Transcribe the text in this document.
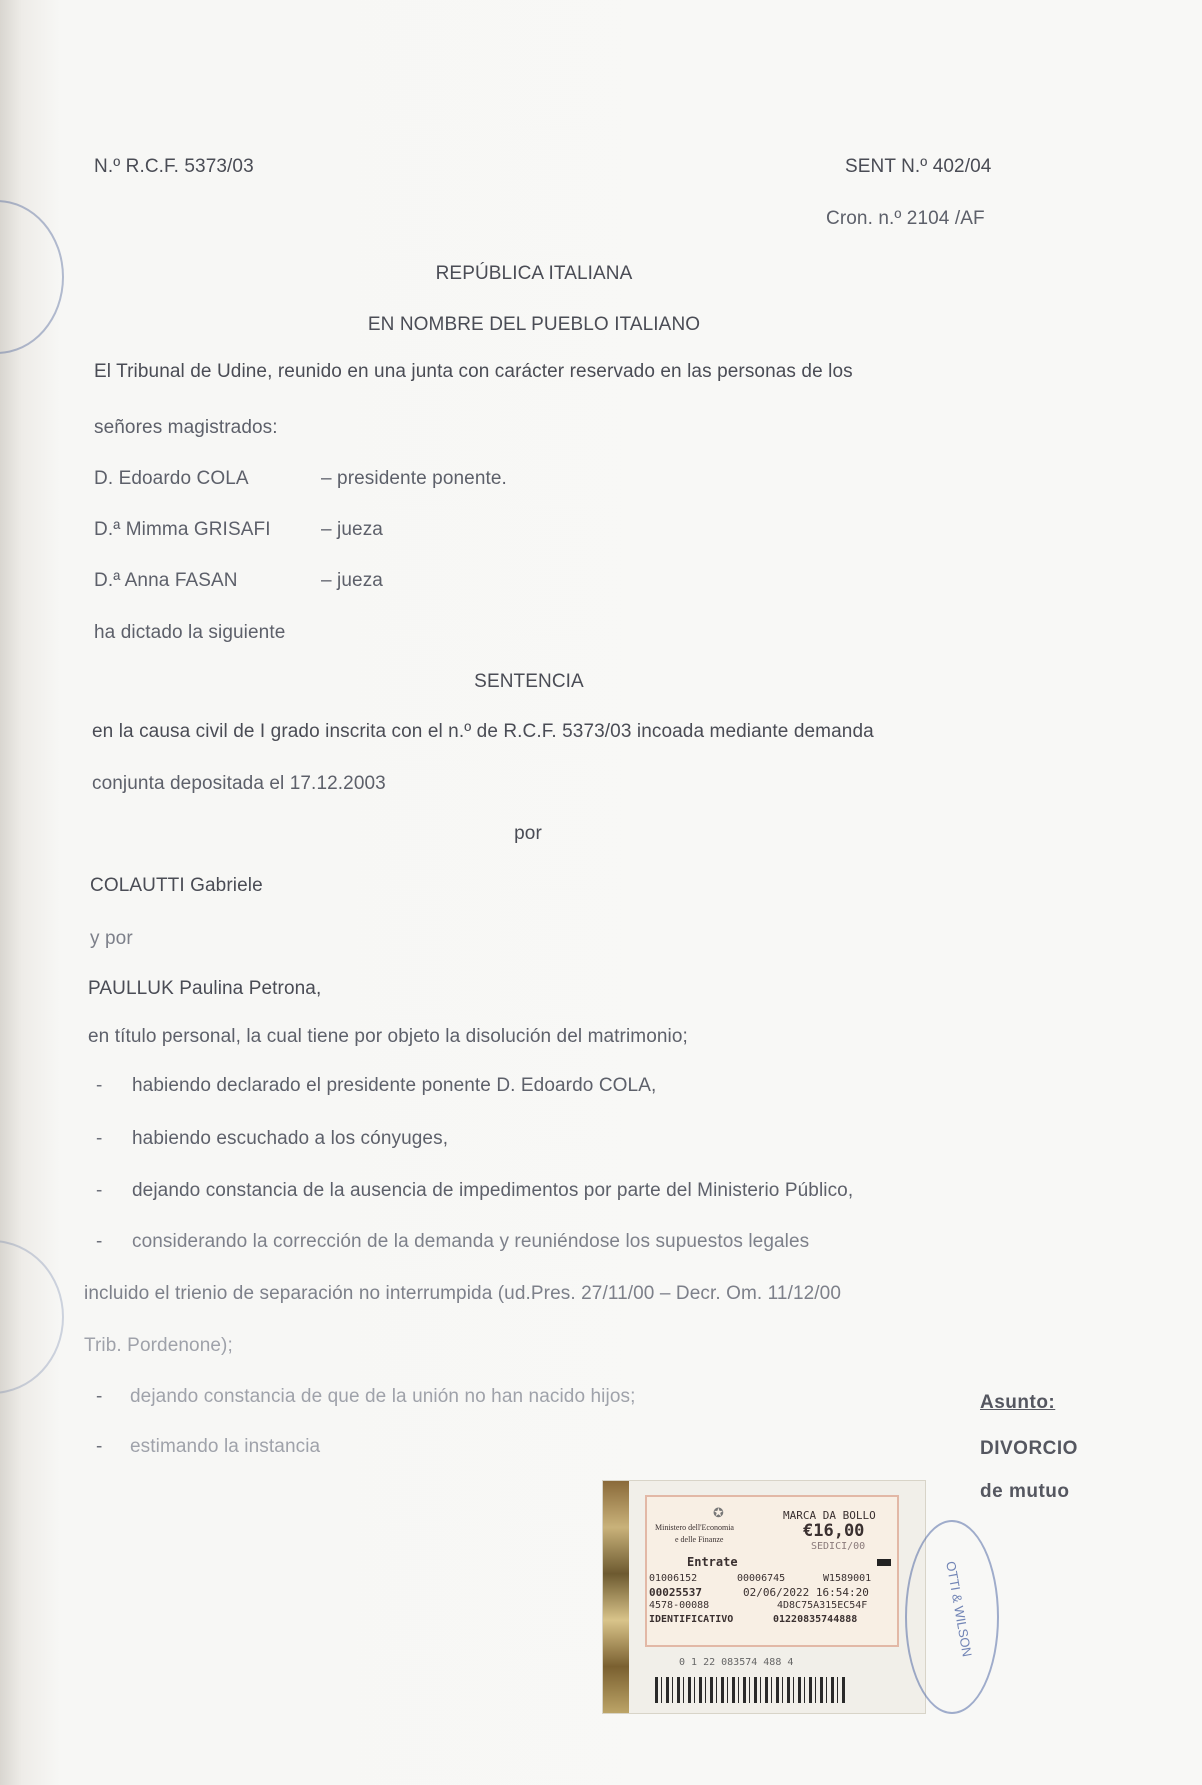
N.º R.C.F. 5373/03	SENT N.º 402/04
Cron. n.º 2104 /AF
REPÚBLICA ITALIANA
EN NOMBRE DEL PUEBLO ITALIANO
El Tribunal de Udine, reunido en una junta con carácter reservado en las personas de los
señores magistrados:
D. Edoardo COLA	– presidente ponente.
D.ª Mimma GRISAFI	– jueza
D.ª Anna FASAN	– jueza
ha dictado la siguiente
SENTENCIA
en la causa civil de I grado inscrita con el n.º de R.C.F. 5373/03 incoada mediante demanda
conjunta depositada el 17.12.2003
por
COLAUTTI Gabriele
y por
PAULLUK Paulina Petrona,
en título personal, la cual tiene por objeto la disolución del matrimonio;
- habiendo declarado el presidente ponente D. Edoardo COLA,
- habiendo escuchado a los cónyuges,
- dejando constancia de la ausencia de impedimentos por parte del Ministerio Público,
- considerando la corrección de la demanda y reuniéndose los supuestos legales
incluido el trienio de separación no interrumpida (ud.Pres. 27/11/00 – Decr. Om. 11/12/00
Trib. Pordenone);
- dejando constancia de que de la unión no han nacido hijos;
- estimando la instancia
Asunto:
DIVORCIO
de mutuo
✪
Ministero dell'Economia
e delle Finanze
MARCA DA BOLLO
€16,00
SEDICI/00
Entrate
01006152	00006745	W1589001
00025537	02/06/2022 16:54:20
4578-00088	4D8C75A315EC54F
IDENTIFICATIVO	01220835744888
0 1 22 083574 488 4
OTTI & WILSON
